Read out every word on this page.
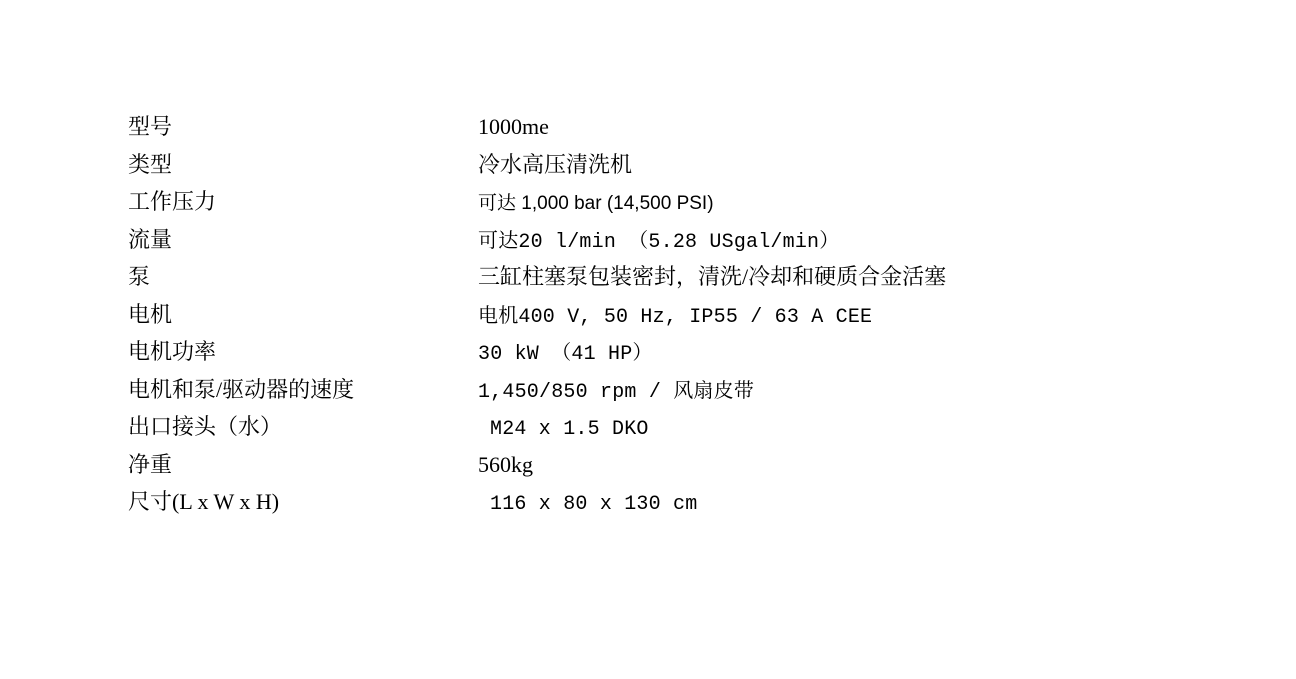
型号	1000me
类型	冷水高压清洗机
工作压力	可达 1,000 bar (14,500 PSI)
流量	可达20 l/min （5.28 USgal/min）
泵	三缸柱塞泵包装密封，清洗/冷却和硬质合金活塞
电机	电机400 V, 50 Hz, IP55 / 63 A CEE
电机功率	30 kW （41 HP）
电机和泵/驱动器的速度	1,450/850 rpm / 风扇皮带
出口接头（水）	M24 x 1.5 DKO
净重	560kg
尺寸(L x W x H)	116 x 80 x 130 cm
